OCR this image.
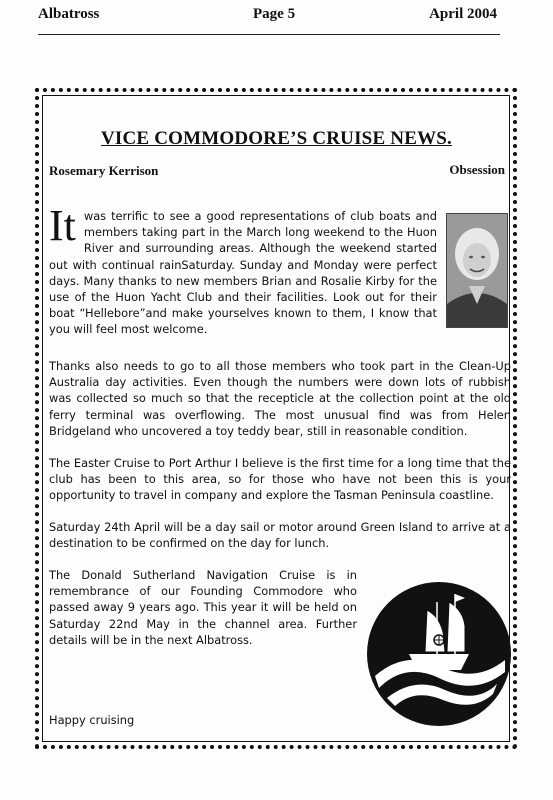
Albatross	Page 5	April 2004
VICE COMMODORE’S CRUISE NEWS.
Rosemary Kerrison	Obsession
It was terrific to see a good representations of club boats and members taking part in the March long weekend to the Huon River and surrounding areas. Although the weekend started out with continual rainSaturday. Sunday and Monday were perfect days. Many thanks to new members Brian and Rosalie Kirby for the use of the Huon Yacht Club and their facilities. Look out for their boat “Hellebore”and make yourselves known to them, I know that you will feel most welcome.
Thanks also needs to go to all those members who took part in the Clean-Up Australia day activities. Even though the numbers were down lots of rubbish was collected so much so that the recepticle at the collection point at the old ferry terminal was overflowing. The most unusual find was from Helen Bridgeland who uncovered a toy teddy bear, still in reasonable condition.
The Easter Cruise to Port Arthur I believe is the first time for a long time that the club has been to this area, so for those who have not been this is your opportunity to travel in company and explore the Tasman Peninsula coastline.
Saturday 24th April will be a day sail or motor around Green Island to arrive at a destination to be confirmed on the day for lunch.
The Donald Sutherland Navigation Cruise is in remembrance of our Founding Commodore who passed away 9 years ago. This year it will be held on Saturday 22nd May in the channel area. Further details will be in the next Albatross.
Happy cruising
